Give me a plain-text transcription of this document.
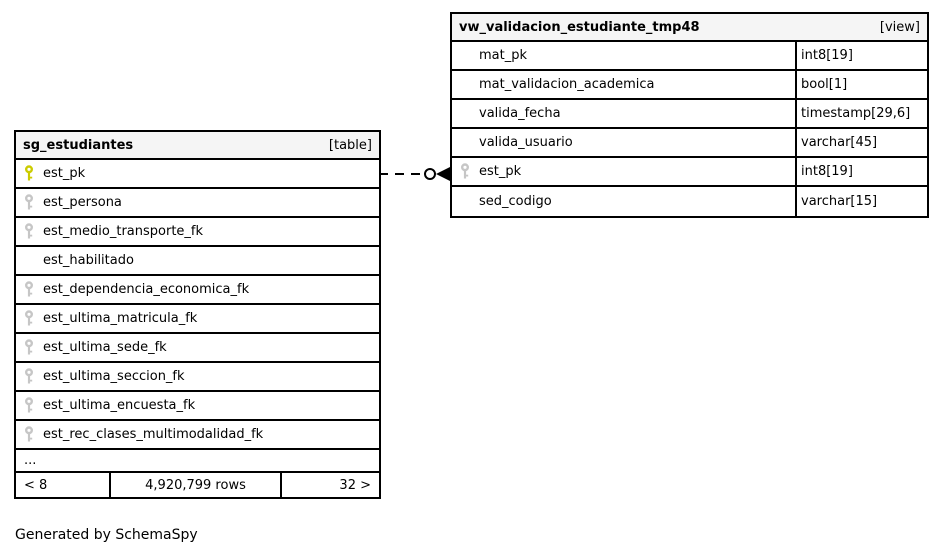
sg_estudiantes	[table]
est_pk
est_persona
est_medio_transporte_fk
est_habilitado
est_dependencia_economica_fk
est_ultima_matricula_fk
est_ultima_sede_fk
est_ultima_seccion_fk
est_ultima_encuesta_fk
est_rec_clases_multimodalidad_fk
...
< 8	4,920,799 rows	32 >
vw_validacion_estudiante_tmp48	[view]
mat_pk	int8[19]
mat_validacion_academica	bool[1]
valida_fecha	timestamp[29,6]
valida_usuario	varchar[45]
est_pk	int8[19]
sed_codigo	varchar[15]
Generated by SchemaSpy
